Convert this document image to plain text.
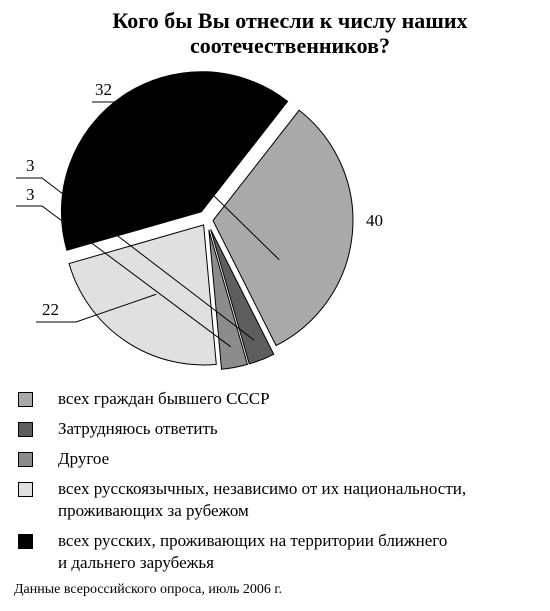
Кого бы Вы отнесли к числу наших
соотечественников?
32
3
3
22
40
всех граждан бывшего СССР
Затрудняюсь ответить
Другое
всех русскоязычных, независимо от их национальности,
проживающих за рубежом
всех русских, проживающих на территории ближнего
и дальнего зарубежья
Данные всероссийского опроса, июль 2006 г.
